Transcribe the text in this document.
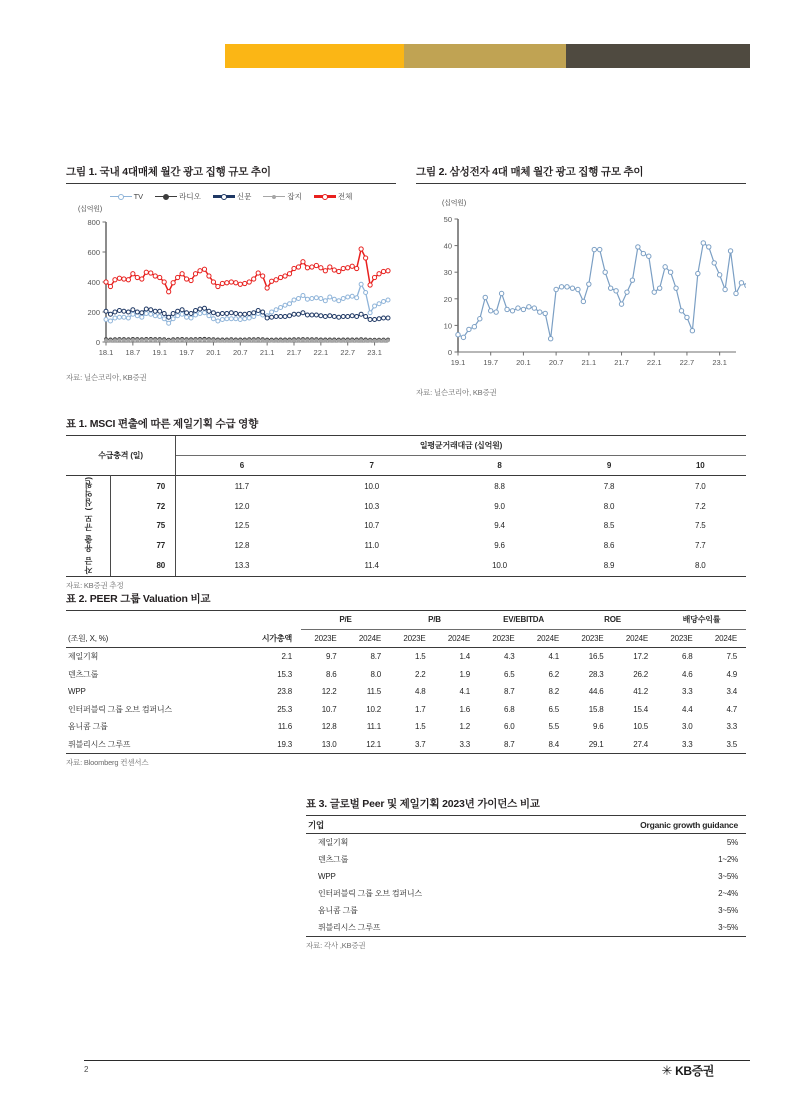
그림 1. 국내 4대매체 월간 광고 집행 규모 추이
TV	라디오	신문	잡지	전체
(십억원)
0
200
400
600
800
18.1 18.7 19.1 19.7 20.1 20.7 21.1 21.7 22.1 22.7 23.1
자료: 닐슨코리아, KB증권
그림 2. 삼성전자 4대 매체 월간 광고 집행 규모 추이
(십억원)
0
10
20
30
40
50
19.1 19.7 20.1 20.7 21.1 21.7 22.1 22.7 23.1
자료: 닐슨코리아, KB증권
표 1. MSCI 편출에 따른 제일기획 수급 영향
수급충격 (일)		일평균거래대금 (십억원)				
		6	7	8	9	10
자금 유출 규모 (십억원)	70	11.7	10.0	8.8	7.8	7.0
	72	12.0	10.3	9.0	8.0	7.2
	75	12.5	10.7	9.4	8.5	7.5
	77	12.8	11.0	9.6	8.6	7.7
	80	13.3	11.4	10.0	8.9	8.0
자료: KB증권 추정
표 2. PEER 그룹 Valuation 비교
(조원, X, %)	시가총액	P/E		P/B		EV/EBITDA		ROE		배당수익률	
		2023E	2024E	2023E	2024E	2023E	2024E	2023E	2024E	2023E	2024E
제일기획	2.1	9.7	8.7	1.5	1.4	4.3	4.1	16.5	17.2	6.8	7.5
덴츠그룹	15.3	8.6	8.0	2.2	1.9	6.5	6.2	28.3	26.2	4.6	4.9
WPP	23.8	12.2	11.5	4.8	4.1	8.7	8.2	44.6	41.2	3.3	3.4
인터퍼블릭 그룹 오브 컴퍼니스	25.3	10.7	10.2	1.7	1.6	6.8	6.5	15.8	15.4	4.4	4.7
옴니콤 그룹	11.6	12.8	11.1	1.5	1.2	6.0	5.5	9.6	10.5	3.0	3.3
퓌블리시스 그루프	19.3	13.0	12.1	3.7	3.3	8.7	8.4	29.1	27.4	3.3	3.5
자료: Bloomberg 컨센서스
표 3. 글로벌 Peer 및 제일기획 2023년 가이던스 비교
기업	Organic growth guidance
제일기획	5%
덴츠그룹	1~2%
WPP	3~5%
인터퍼블릭 그룹 오브 컴퍼니스	2~4%
옴니콤 그룹	3~5%
퓌블리시스 그루프	3~5%
자료: 각사 ,KB증권
2	✳ KB증권
